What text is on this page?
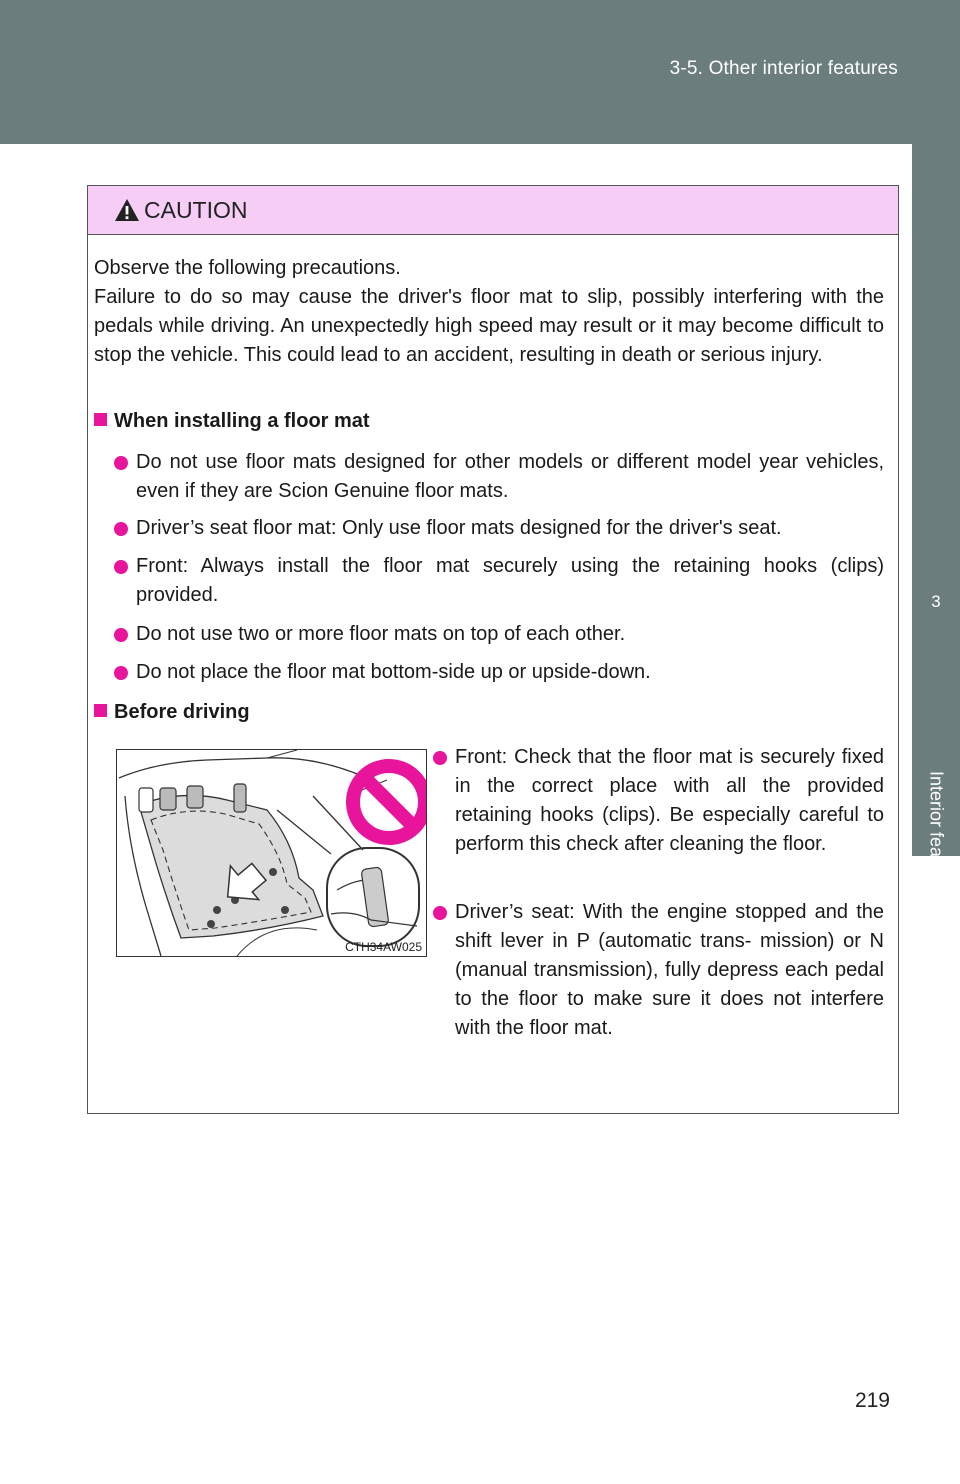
3-5. Other interior features
3
Interior features
CAUTION
Observe the following precautions.
Failure to do so may cause the driver's floor mat to slip, possibly interfering with the pedals while driving. An unexpectedly high speed may result or it may become difficult to stop the vehicle. This could lead to an accident, resulting in death or serious injury.
When installing a floor mat
Do not use floor mats designed for other models or different model year vehicles, even if they are Scion Genuine floor mats.
Driver’s seat floor mat: Only use floor mats designed for the driver's seat.
Front: Always install the floor mat securely using the retaining hooks (clips) provided.
Do not use two or more floor mats on top of each other.
Do not place the floor mat bottom-side up or upside-down.
Before driving
CTH34AW025
Front: Check that the floor mat is securely fixed in the correct place with all the provided retaining hooks (clips). Be especially careful to perform this check after cleaning the floor.
Driver’s seat: With the engine stopped and the shift lever in P (automatic trans- mission) or N (manual transmission), fully depress each pedal to the floor to make sure it does not interfere with the floor mat.
219
